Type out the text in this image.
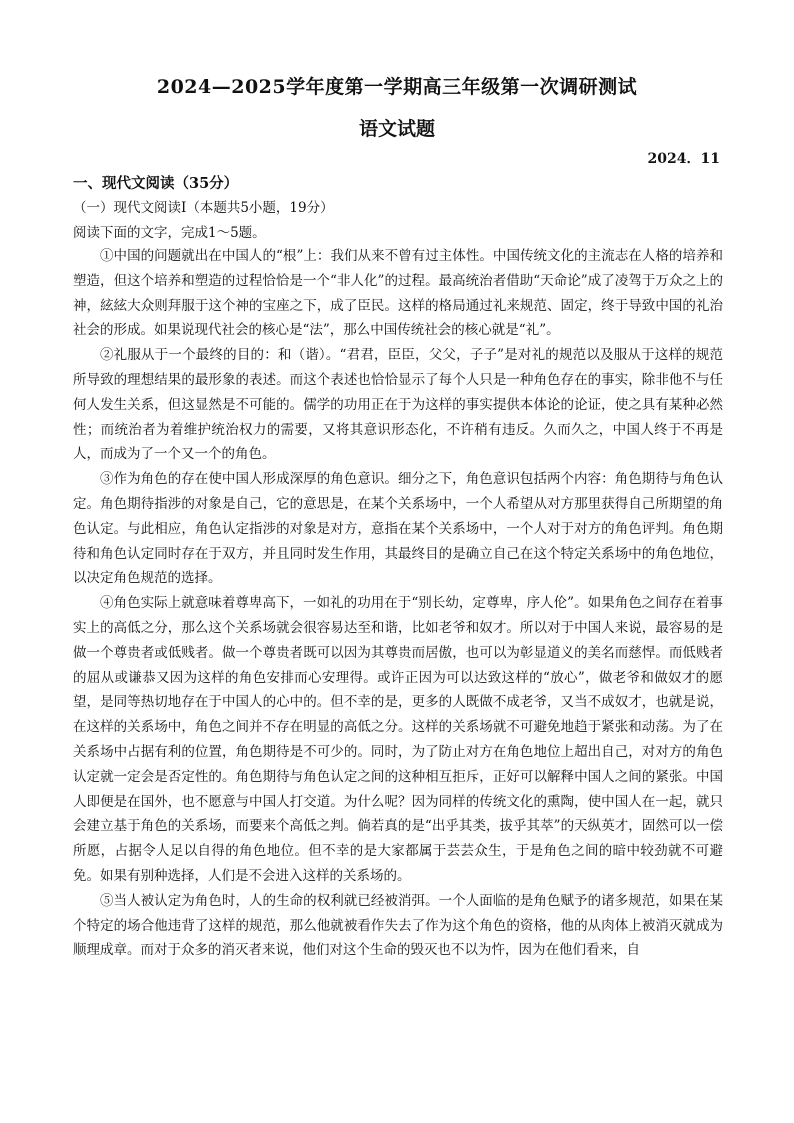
2024—2025学年度第一学期高三年级第一次调研测试
语文试题
2024．11
一、现代文阅读（35分）
（一）现代文阅读Ⅰ（本题共5小题，19分）
阅读下面的文字，完成1～5题。

①中国的问题就出在中国人的“根”上：我们从来不曾有过主体性。中国传统文化的主流志在人格的培养和塑造，但这个培养和塑造的过程恰恰是一个“非人化”的过程。最高统治者借助“天命论”成了凌驾于万众之上的神，絃絃大众则拜服于这个神的宝座之下，成了臣民。这样的格局通过礼来规范、固定，终于导致中国的礼治社会的形成。如果说现代社会的核心是“法”，那么中国传统社会的核心就是“礼”。

②礼服从于一个最终的目的：和（谐）。“君君，臣臣，父父，子子”是对礼的规范以及服从于这样的规范所导致的理想结果的最形象的表述。而这个表述也恰恰显示了每个人只是一种角色存在的事实，除非他不与任何人发生关系，但这显然是不可能的。儒学的功用正在于为这样的事实提供本体论的论证，使之具有某种必然性；而统治者为着维护统治权力的需要，又将其意识形态化，不许稍有违反。久而久之，中国人终于不再是人，而成为了一个又一个的角色。

③作为角色的存在使中国人形成深厚的角色意识。细分之下，角色意识包括两个内容：角色期待与角色认定。角色期待指涉的对象是自己，它的意思是，在某个关系场中，一个人希望从对方那里获得自己所期望的角色认定。与此相应，角色认定指涉的对象是对方，意指在某个关系场中，一个人对于对方的角色评判。角色期待和角色认定同时存在于双方，并且同时发生作用，其最终目的是确立自己在这个特定关系场中的角色地位，以决定角色规范的选择。

④角色实际上就意味着尊卑高下，一如礼的功用在于“别长幼，定尊卑，序人伦”。如果角色之间存在着事实上的高低之分，那么这个关系场就会很容易达至和谐，比如老爷和奴才。所以对于中国人来说，最容易的是做一个尊贵者或低贱者。做一个尊贵者既可以因为其尊贵而居傲，也可以为彰显道义的美名而慈悍。而低贱者的屈从或谦恭又因为这样的角色安排而心安理得。或许正因为可以达致这样的“放心”，做老爷和做奴才的愿望，是同等热切地存在于中国人的心中的。但不幸的是，更多的人既做不成老爷，又当不成奴才，也就是说，在这样的关系场中，角色之间并不存在明显的高低之分。这样的关系场就不可避免地趋于紧张和动荡。为了在关系场中占据有利的位置，角色期待是不可少的。同时，为了防止对方在角色地位上超出自己，对对方的角色认定就一定会是否定性的。角色期待与角色认定之间的这种相互拒斥，正好可以解释中国人之间的紧张。中国人即便是在国外，也不愿意与中国人打交道。为什么呢？因为同样的传统文化的熏陶，使中国人在一起，就只会建立基于角色的关系场，而要来个高低之判。倘若真的是“出乎其类，拔乎其萃”的天纵英才，固然可以一偿所愿，占据令人足以自得的角色地位。但不幸的是大家都属于芸芸众生，于是角色之间的暗中较劲就不可避免。如果有别种选择，人们是不会进入这样的关系场的。

⑤当人被认定为角色时，人的生命的权利就已经被消弭。一个人面临的是角色赋予的诸多规范，如果在某个特定的场合他违背了这样的规范，那么他就被看作失去了作为这个角色的资格，他的从肉体上被消灭就成为顺理成章。而对于众多的消灭者来说，他们对这个生命的毁灭也不以为忤，因为在他们看来，自
